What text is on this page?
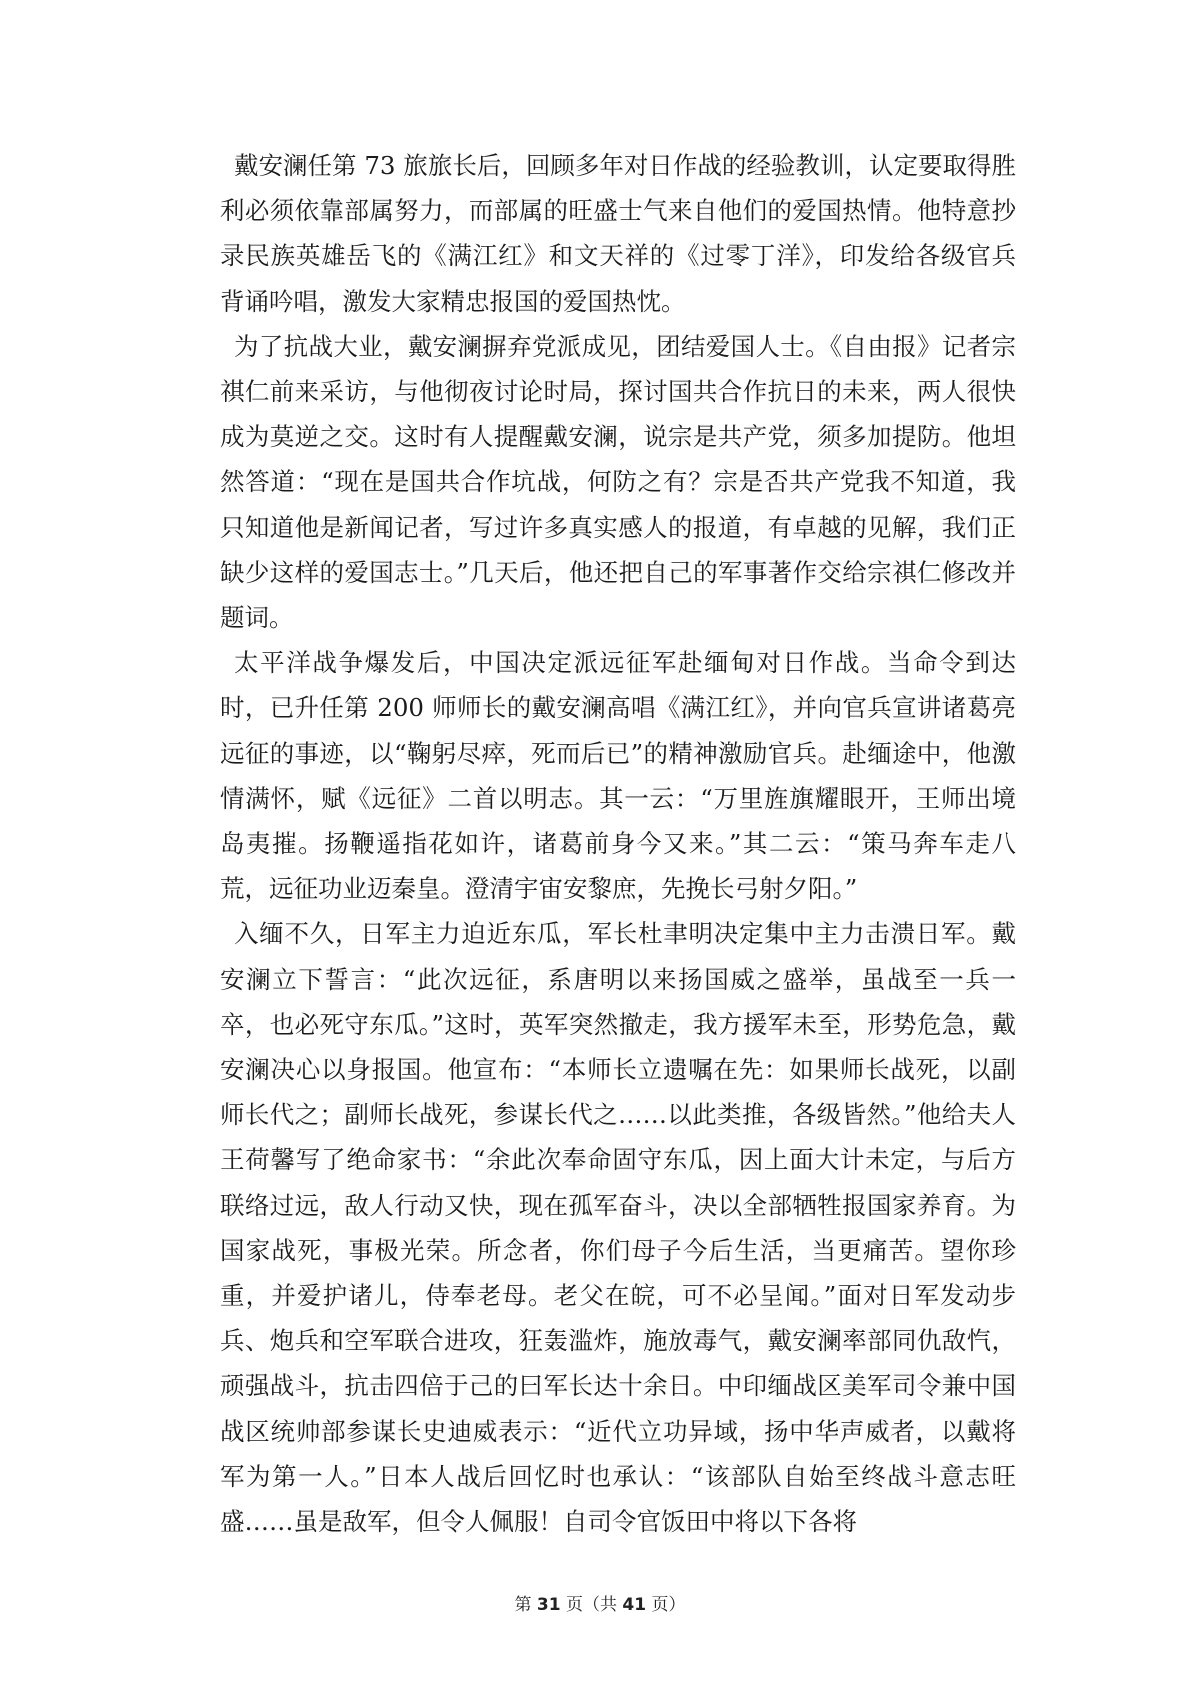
戴安澜任第 73 旅旅长后，回顾多年对日作战的经验教训，认定要取得胜利必须依靠部属努力，而部属的旺盛士气来自他们的爱国热情。他特意抄录民族英雄岳飞的《满江红》和文天祥的《过零丁洋》，印发给各级官兵背诵吟唱，激发大家精忠报国的爱国热忱。

为了抗战大业，戴安澜摒弃党派成见，团结爱国人士。《自由报》记者宗祺仁前来采访，与他彻夜讨论时局，探讨国共合作抗日的未来，两人很快成为莫逆之交。这时有人提醒戴安澜，说宗是共产党，须多加提防。他坦然答道：“现在是国共合作坑战，何防之有？宗是否共产党我不知道，我只知道他是新闻记者，写过许多真实感人的报道，有卓越的见解，我们正缺少这样的爱国志士。”几天后，他还把自己的军事著作交给宗祺仁修改并题词。

太平洋战争爆发后，中国决定派远征军赴缅甸对日作战。当命令到达时，已升任第 200 师师长的戴安澜高唱《满江红》，并向官兵宣讲诸葛亮远征的事迹，以“鞠躬尽瘁，死而后已”的精神激励官兵。赴缅途中，他激情满怀，赋《远征》二首以明志。其一云：“万里旌旗耀眼开，王师出境岛夷摧。扬鞭遥指花如许，诸葛前身今又来。”其二云：“策马奔车走八荒，远征功业迈秦皇。澄清宇宙安黎庶，先挽长弓射夕阳。”

入缅不久，日军主力迫近东瓜，军长杜聿明决定集中主力击溃日军。戴安澜立下誓言：“此次远征，系唐明以来扬国威之盛举，虽战至一兵一卒，也必死守东瓜。”这时，英军突然撤走，我方援军未至，形势危急，戴安澜决心以身报国。他宣布：“本师长立遗嘱在先：如果师长战死，以副师长代之；副师长战死，参谋长代之……以此类推，各级皆然。”他给夫人王荷馨写了绝命家书：“余此次奉命固守东瓜，因上面大计未定，与后方联络过远，敌人行动又快，现在孤军奋斗，决以全部牺牲报国家养育。为国家战死，事极光荣。所念者，你们母子今后生活，当更痛苦。望你珍重，并爱护诸儿，侍奉老母。老父在皖，可不必呈闻。”面对日军发动步兵、炮兵和空军联合进攻，狂轰滥炸，施放毒气，戴安澜率部同仇敌忾，顽强战斗，抗击四倍于己的曰军长达十余日。中印缅战区美军司令兼中国战区统帅部参谋长史迪威表示：“近代立功异域，扬中华声威者，以戴将军为第一人。”日本人战后回忆时也承认：“该部队自始至终战斗意志旺盛……虽是敌军，但令人佩服！自司令官饭田中将以下各将

第 31 页（共 41 页）
